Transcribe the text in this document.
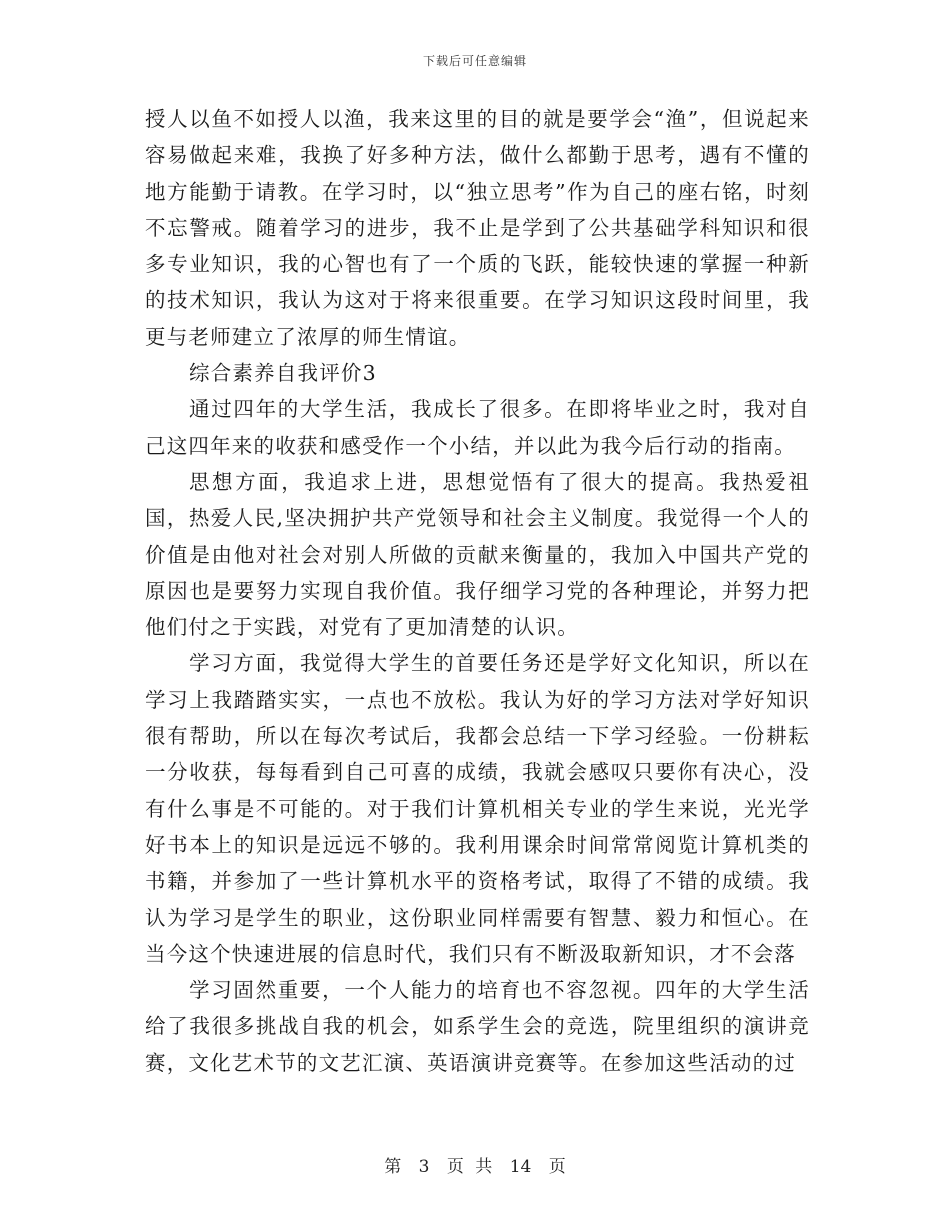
下载后可任意编辑

授人以鱼不如授人以渔，我来这里的目的就是要学会“渔”，但说起来容易做起来难，我换了好多种方法，做什么都勤于思考，遇有不懂的地方能勤于请教。在学习时，以“独立思考”作为自己的座右铭，时刻不忘警戒。随着学习的进步，我不止是学到了公共基础学科知识和很多专业知识，我的心智也有了一个质的飞跃，能较快速的掌握一种新的技术知识，我认为这对于将来很重要。在学习知识这段时间里，我更与老师建立了浓厚的师生情谊。

综合素养自我评价3

通过四年的大学生活，我成长了很多。在即将毕业之时，我对自己这四年来的收获和感受作一个小结，并以此为我今后行动的指南。

思想方面，我追求上进，思想觉悟有了很大的提高。我热爱祖国，热爱人民,坚决拥护共产党领导和社会主义制度。我觉得一个人的价值是由他对社会对别人所做的贡献来衡量的，我加入中国共产党的原因也是要努力实现自我价值。我仔细学习党的各种理论，并努力把他们付之于实践，对党有了更加清楚的认识。

学习方面，我觉得大学生的首要任务还是学好文化知识，所以在学习上我踏踏实实，一点也不放松。我认为好的学习方法对学好知识很有帮助，所以在每次考试后，我都会总结一下学习经验。一份耕耘一分收获，每每看到自己可喜的成绩，我就会感叹只要你有决心，没有什么事是不可能的。对于我们计算机相关专业的学生来说，光光学好书本上的知识是远远不够的。我利用课余时间常常阅览计算机类的书籍，并参加了一些计算机水平的资格考试，取得了不错的成绩。我认为学习是学生的职业，这份职业同样需要有智慧、毅力和恒心。在当今这个快速进展的信息时代，我们只有不断汲取新知识，才不会落

学习固然重要，一个人能力的培育也不容忽视。四年的大学生活给了我很多挑战自我的机会，如系学生会的竞选，院里组织的演讲竞赛，文化艺术节的文艺汇演、英语演讲竞赛等。在参加这些活动的过

第 3 页 共 14 页
